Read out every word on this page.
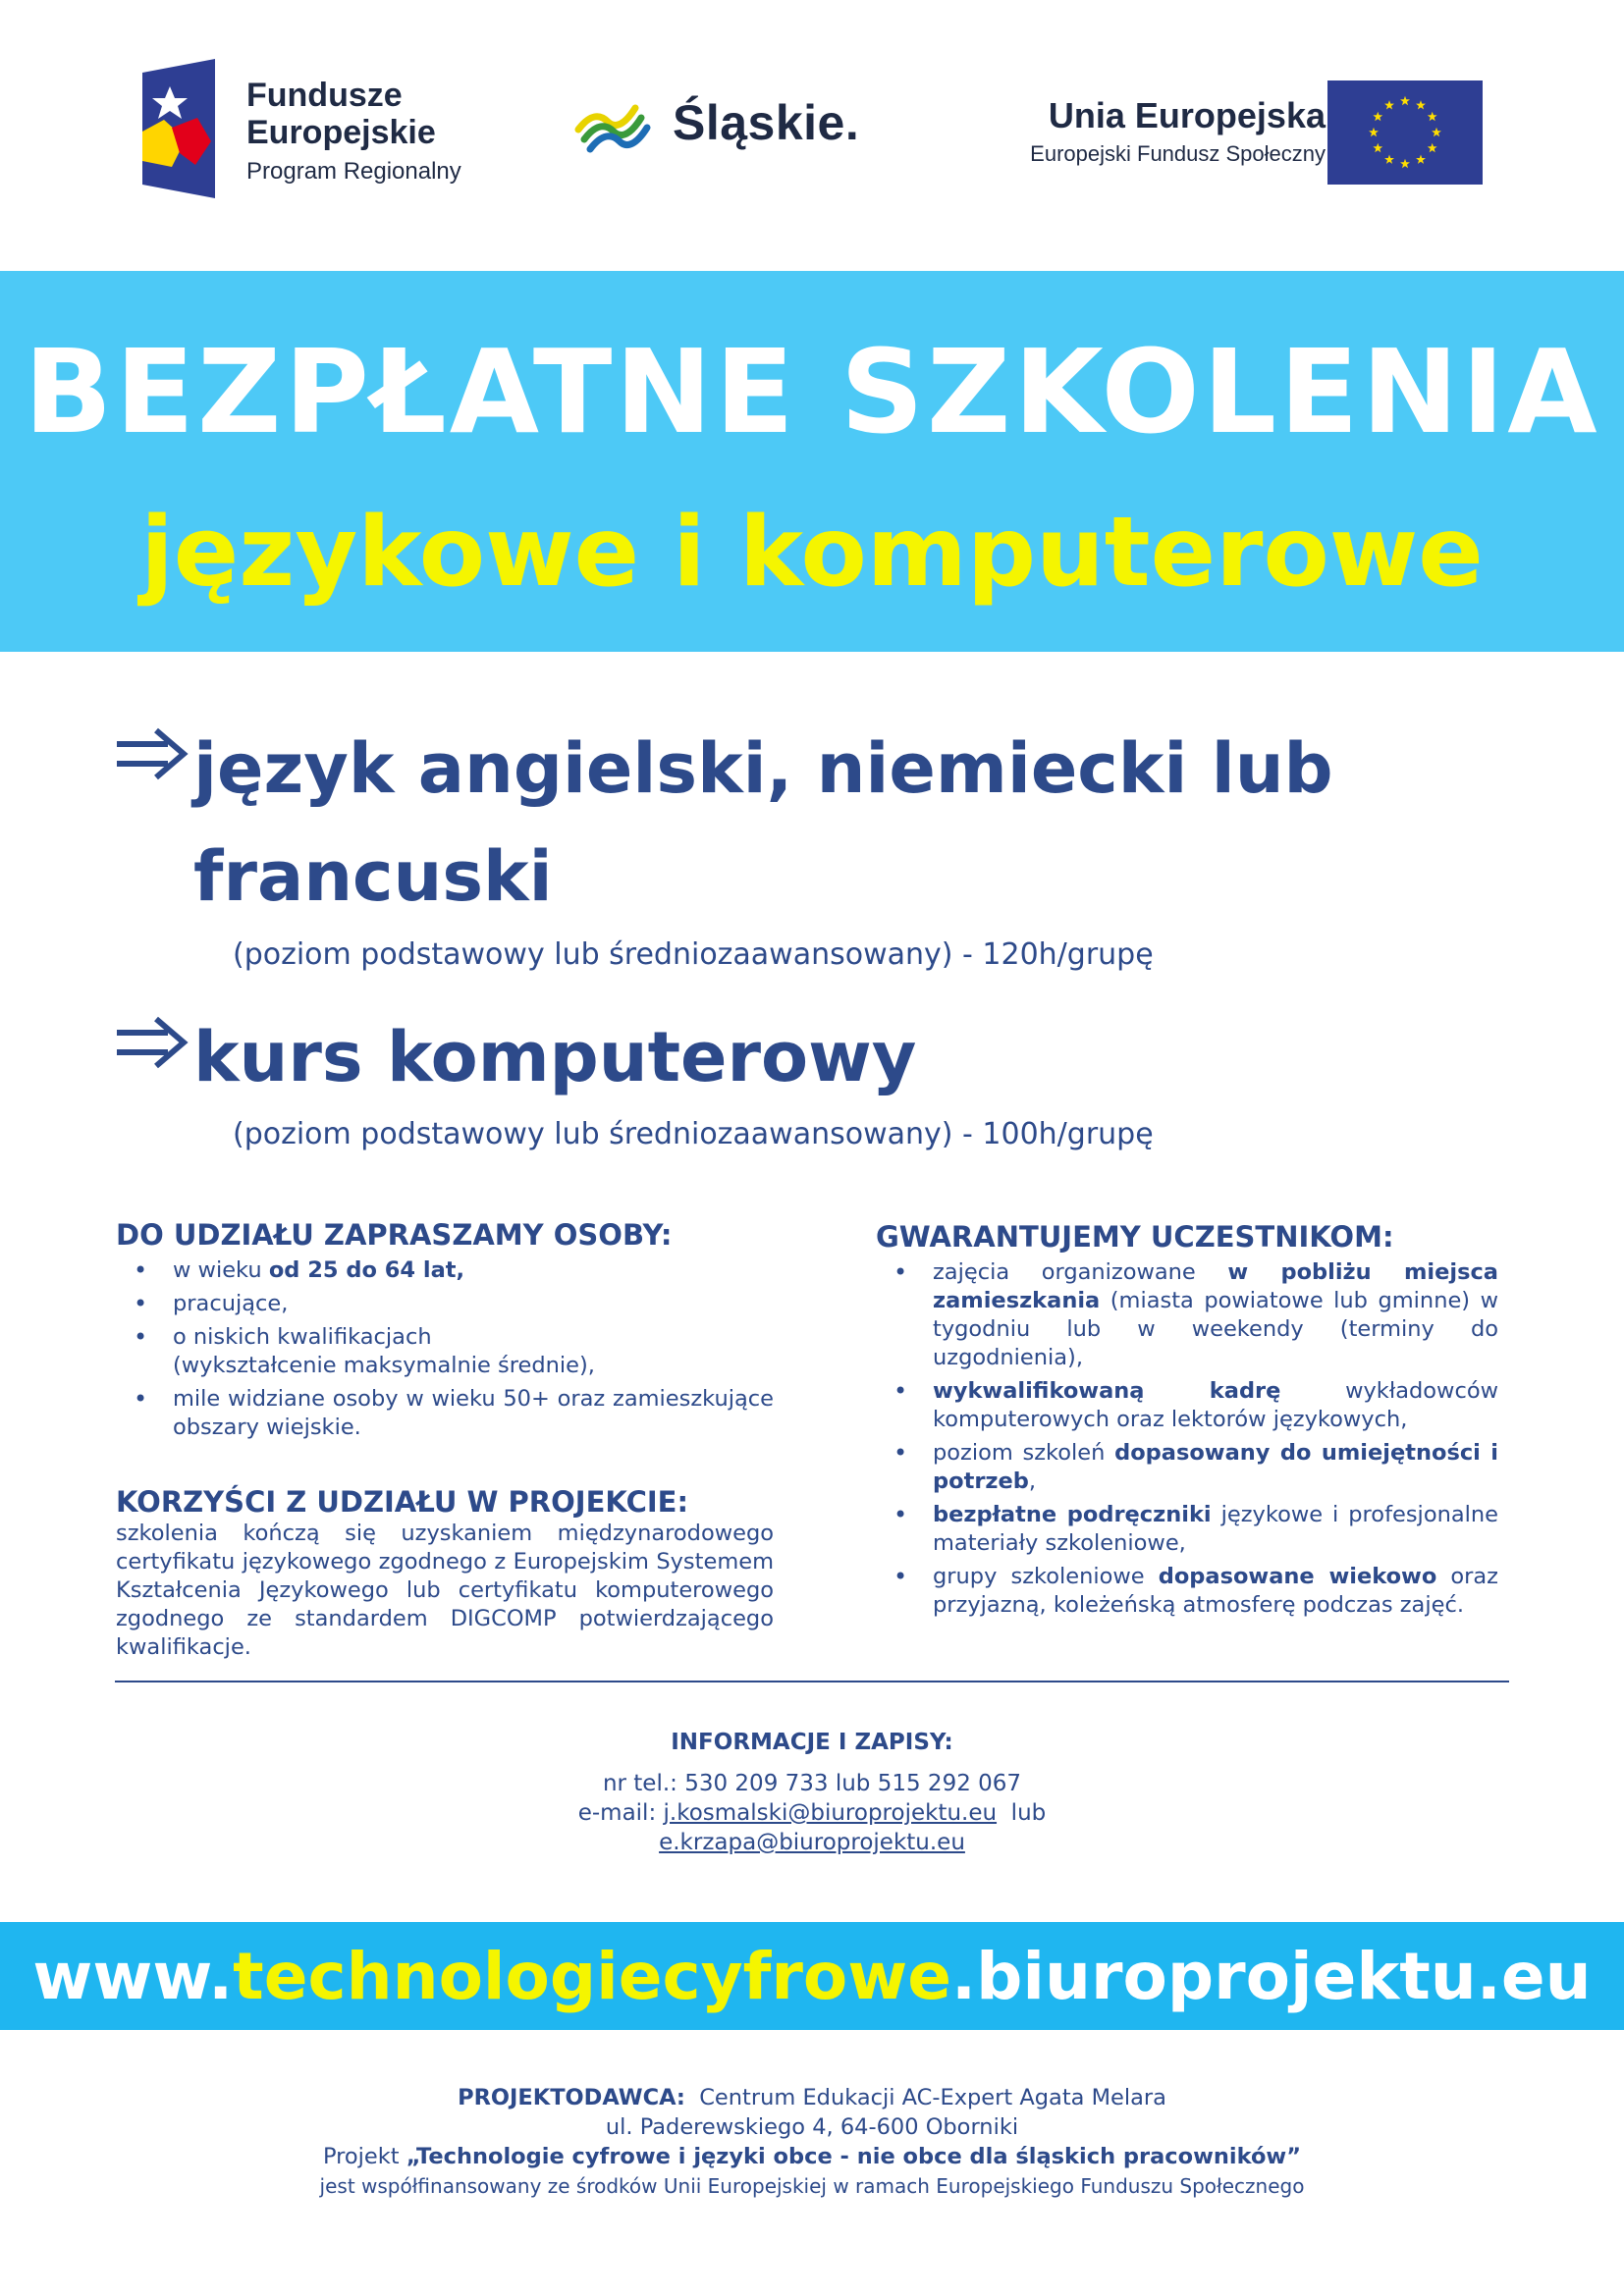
Fundusze
Europejskie
Program Regionalny
Śląskie.	Unia Europejska
Europejski Fundusz Społeczny
BEZPŁATNE SZKOLENIA
językowe i komputerowe
język angielski, niemiecki lub francuski
(poziom podstawowy lub średniozaawansowany) - 120h/grupę
kurs komputerowy
(poziom podstawowy lub średniozaawansowany) - 100h/grupę
DO UDZIAŁU ZAPRASZAMY OSOBY:
• w wieku od 25 do 64 lat,
• pracujące,
• o niskich kwalifikacjach
(wykształcenie maksymalnie średnie),
• mile widziane osoby w wieku 50+ oraz zamieszkujące obszary wiejskie.
KORZYŚCI Z UDZIAŁU W PROJEKCIE:

szkolenia kończą się uzyskaniem międzynarodowego certyfikatu językowego zgodnego z Europejskim Systemem Kształcenia Językowego lub certyfikatu komputerowego zgodnego ze standardem DIGCOMP potwierdzającego kwalifikacje.

GWARANTUJEMY UCZESTNIKOM:
• zajęcia organizowane w pobliżu miejsca zamieszkania (miasta powiatowe lub gminne) w tygodniu lub w weekendy (terminy do uzgodnienia),
• wykwalifikowaną kadrę wykładowców komputerowych oraz lektorów językowych,
• poziom szkoleń dopasowany do umiejętności i potrzeb,
• bezpłatne podręczniki językowe i profesjonalne materiały szkoleniowe,
• grupy szkoleniowe dopasowane wiekowo oraz przyjazną, koleżeńską atmosferę podczas zajęć.
INFORMACJE I ZAPISY:
nr tel.: 530 209 733 lub 515 292 067
e-mail: j.kosmalski@biuroprojektu.eu  lub
e.krzapa@biuroprojektu.eu
www.technologiecyfrowe.biuroprojektu.eu
PROJEKTODAWCA:  Centrum Edukacji AC-Expert Agata Melara
ul. Paderewskiego 4, 64-600 Oborniki
Projekt „Technologie cyfrowe i języki obce - nie obce dla śląskich pracowników”
jest współfinansowany ze środków Unii Europejskiej w ramach Europejskiego Funduszu Społecznego
